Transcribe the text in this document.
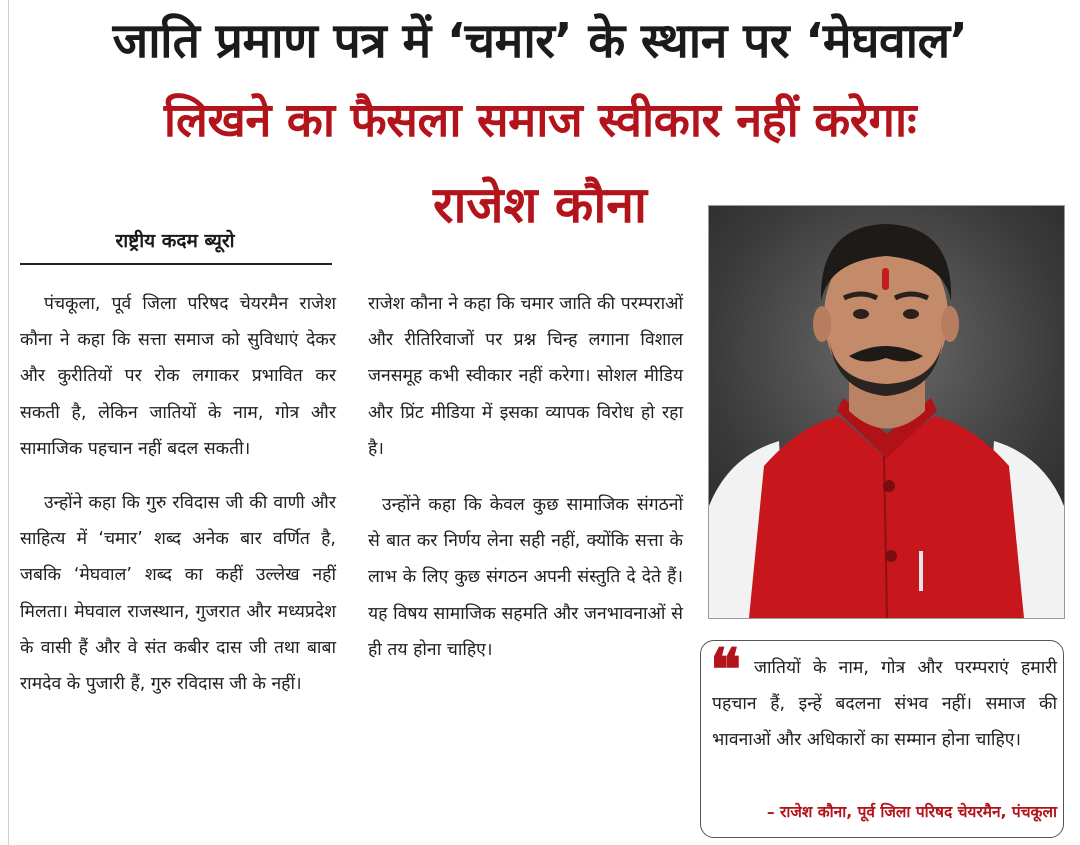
जाति प्रमाण पत्र में ‘चमार’ के स्थान पर ‘मेघवाल’
लिखने का फैसला समाज स्वीकार नहीं करेगाः
राजेश कौना
राष्ट्रीय कदम ब्यूरो

पंचकूला, पूर्व जिला परिषद चेयरमैन राजेश कौना ने कहा कि सत्ता समाज को सुविधाएं देकर और कुरीतियों पर रोक लगाकर प्रभावित कर सकती है, लेकिन जातियों के नाम, गोत्र और सामाजिक पहचान नहीं बदल सकती।

उन्होंने कहा कि गुरु रविदास जी की वाणी और साहित्य में ‘चमार’ शब्द अनेक बार वर्णित है, जबकि ‘मेघवाल’ शब्द का कहीं उल्लेख नहीं मिलता। मेघवाल राजस्थान, गुजरात और मध्यप्रदेश के वासी हैं और वे संत कबीर दास जी तथा बाबा रामदेव के पुजारी हैं, गुरु रविदास जी के नहीं।

राजेश कौना ने कहा कि चमार जाति की परम्पराओं और रीतिरिवाजों पर प्रश्न चिन्ह लगाना विशाल जनसमूह कभी स्वीकार नहीं करेगा। सोशल मीडिय और प्रिंट मीडिया में इसका व्यापक विरोध हो रहा है।

उन्होंने कहा कि केवल कुछ सामाजिक संगठनों से बात कर निर्णय लेना सही नहीं, क्योंकि सत्ता के लाभ के लिए कुछ संगठन अपनी संस्तुति दे देते हैं। यह विषय सामाजिक सहमति और जनभावनाओं से ही तय होना चाहिए।	❝ जातियों के नाम, गोत्र और परम्पराएं हमारी पहचान हैं, इन्हें बदलना संभव नहीं। समाज की भावनाओं और अधिकारों का सम्मान होना चाहिए।
– राजेश कौना, पूर्व जिला परिषद चेयरमैन, पंचकूला
